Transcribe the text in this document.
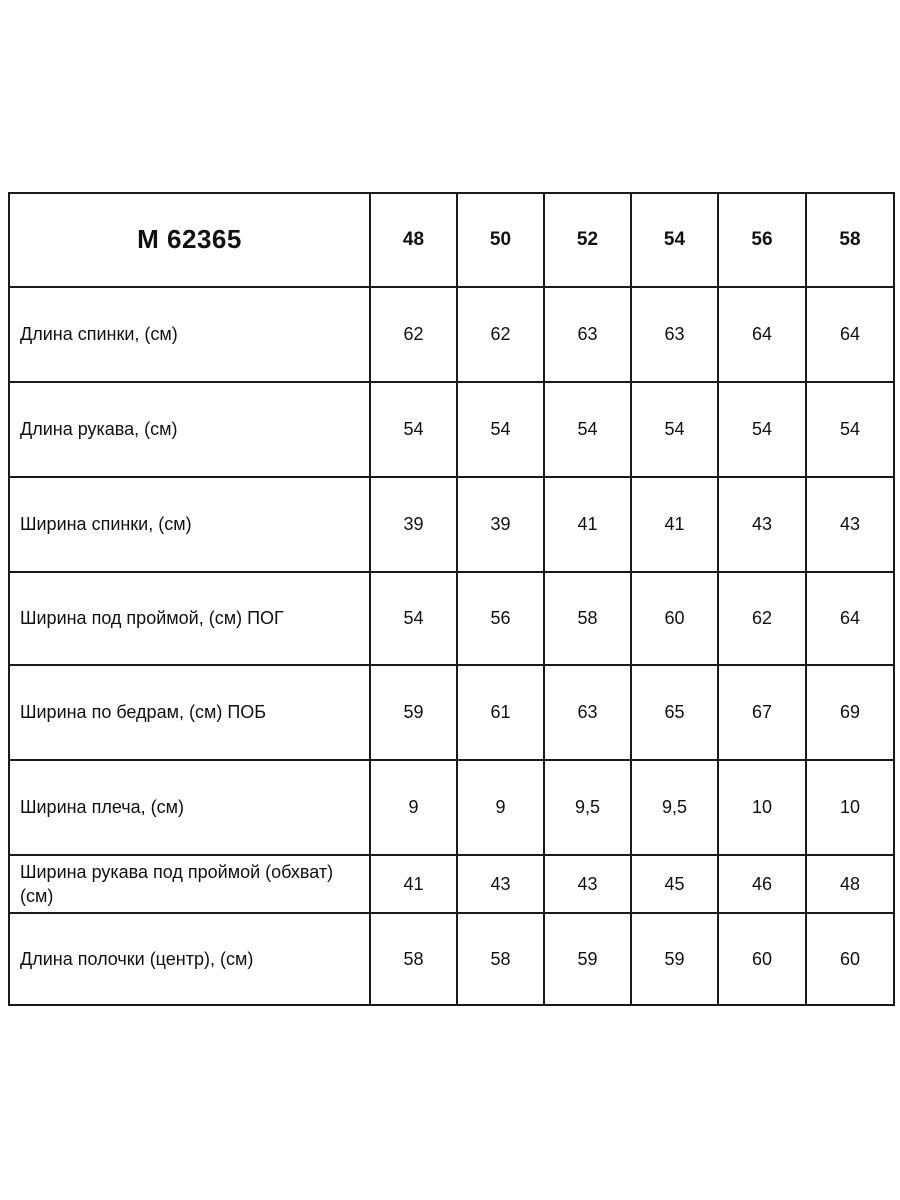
M 62365	48	50	52	54	56	58
Длина спинки, (см)	62	62	63	63	64	64
Длина рукава, (см)	54	54	54	54	54	54
Ширина спинки, (см)	39	39	41	41	43	43
Ширина под проймой, (см) ПОГ	54	56	58	60	62	64
Ширина по бедрам, (см) ПОБ	59	61	63	65	67	69
Ширина плеча, (см)	9	9	9,5	9,5	10	10
Ширина рукава под проймой (обхват) (см)	41	43	43	45	46	48
Длина полочки (центр), (см)	58	58	59	59	60	60
